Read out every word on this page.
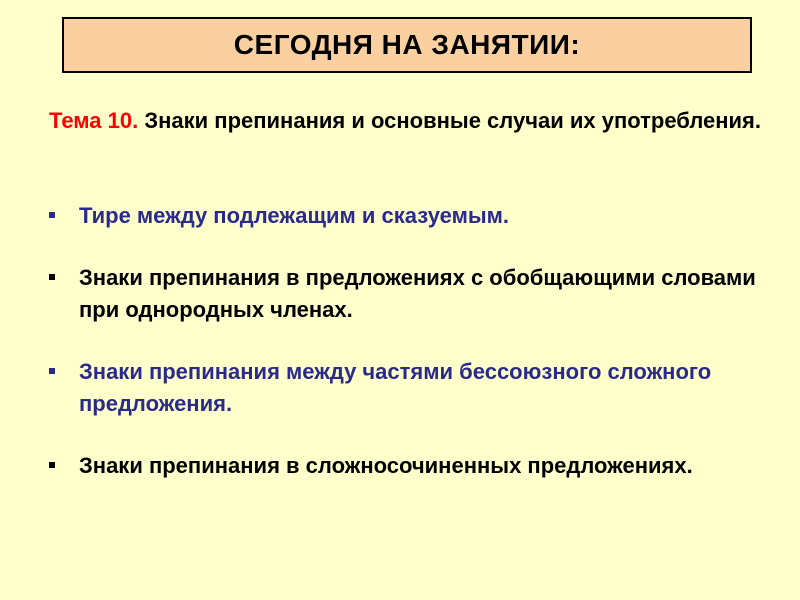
СЕГОДНЯ НА ЗАНЯТИИ:
Тема 10. Знаки препинания и основные случаи их употребления.
Тире между подлежащим и сказуемым.
Знаки препинания в предложениях с обобщающими словами при однородных членах.
Знаки препинания между частями бессоюзного сложного предложения.
Знаки препинания в сложносочиненных предложениях.
